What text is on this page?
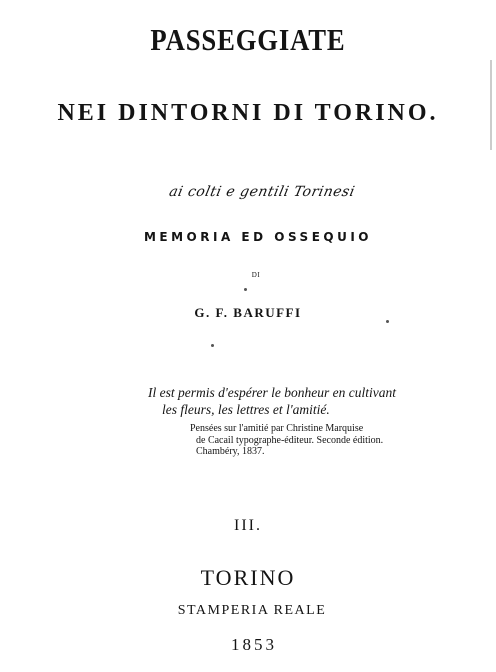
PASSEGGIATE
NEI DINTORNI DI TORINO.
ai colti e gentili Torinesi
MEMORIA ED OSSEQUIO
DI
G. F. BARUFFI
Il est permis d'espérer le bonheur en cultivant
les fleurs, les lettres et l'amitié.
Pensées sur l'amitié par Christine Marquise
de Cacail typographe-éditeur. Seconde édition.
Chambéry, 1837.
III.
TORINO
STAMPERIA REALE
1853
